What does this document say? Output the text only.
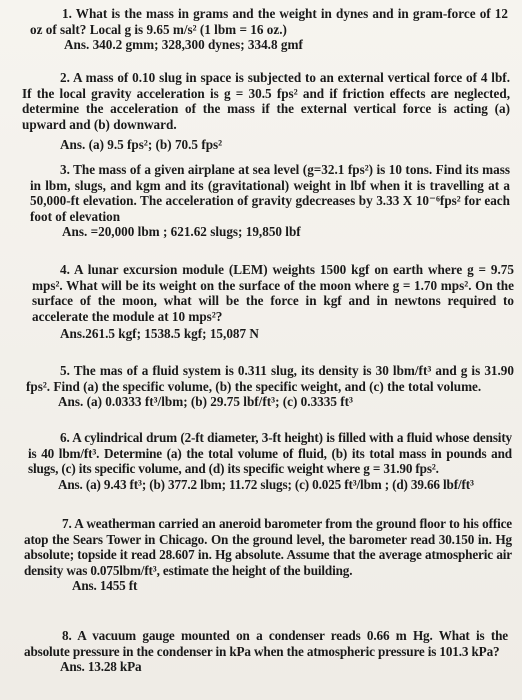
1. What is the mass in grams and the weight in dynes and in gram-force of 12 oz of salt? Local g is 9.65 m/s² (1 lbm = 16 oz.)

Ans. 340.2 gmm; 328,300 dynes; 334.8 gmf

2. A mass of 0.10 slug in space is subjected to an external vertical force of 4 lbf. If the local gravity acceleration is g = 30.5 fps² and if friction effects are neglected, determine the acceleration of the mass if the external vertical force is acting (a) upward and (b) downward.

Ans. (a) 9.5 fps²; (b) 70.5 fps²

3. The mass of a given airplane at sea level (g=32.1 fps²) is 10 tons. Find its mass in lbm, slugs, and kgm and its (gravitational) weight in lbf when it is travelling at a 50,000-ft elevation. The acceleration of gravity gdecreases by 3.33 X 10⁻⁶fps² for each foot of elevation

Ans. =20,000 lbm ; 621.62 slugs; 19,850 lbf

4. A lunar excursion module (LEM) weights 1500 kgf on earth where g = 9.75 mps². What will be its weight on the surface of the moon where g = 1.70 mps². On the surface of the moon, what will be the force in kgf and in newtons required to accelerate the module at 10 mps²?

Ans.261.5 kgf; 1538.5 kgf; 15,087 N

5. The mas of a fluid system is 0.311 slug, its density is 30 lbm/ft³ and g is 31.90 fps². Find (a) the specific volume, (b) the specific weight, and (c) the total volume.

Ans. (a) 0.0333 ft³/lbm; (b) 29.75 lbf/ft³; (c) 0.3335 ft³

6. A cylindrical drum (2-ft diameter, 3-ft height) is filled with a fluid whose density is 40 lbm/ft³. Determine (a) the total volume of fluid, (b) its total mass in pounds and slugs, (c) its specific volume, and (d) its specific weight where g = 31.90 fps².

Ans. (a) 9.43 ft³; (b) 377.2 lbm; 11.72 slugs; (c) 0.025 ft³/lbm ; (d) 39.66 lbf/ft³

7. A weatherman carried an aneroid barometer from the ground floor to his office atop the Sears Tower in Chicago. On the ground level, the barometer read 30.150 in. Hg absolute; topside it read 28.607 in. Hg absolute. Assume that the average atmospheric air density was 0.075lbm/ft³, estimate the height of the building.

Ans. 1455 ft

8. A vacuum gauge mounted on a condenser reads 0.66 m Hg. What is the absolute pressure in the condenser in kPa when the atmospheric pressure is 101.3 kPa?

Ans. 13.28 kPa
